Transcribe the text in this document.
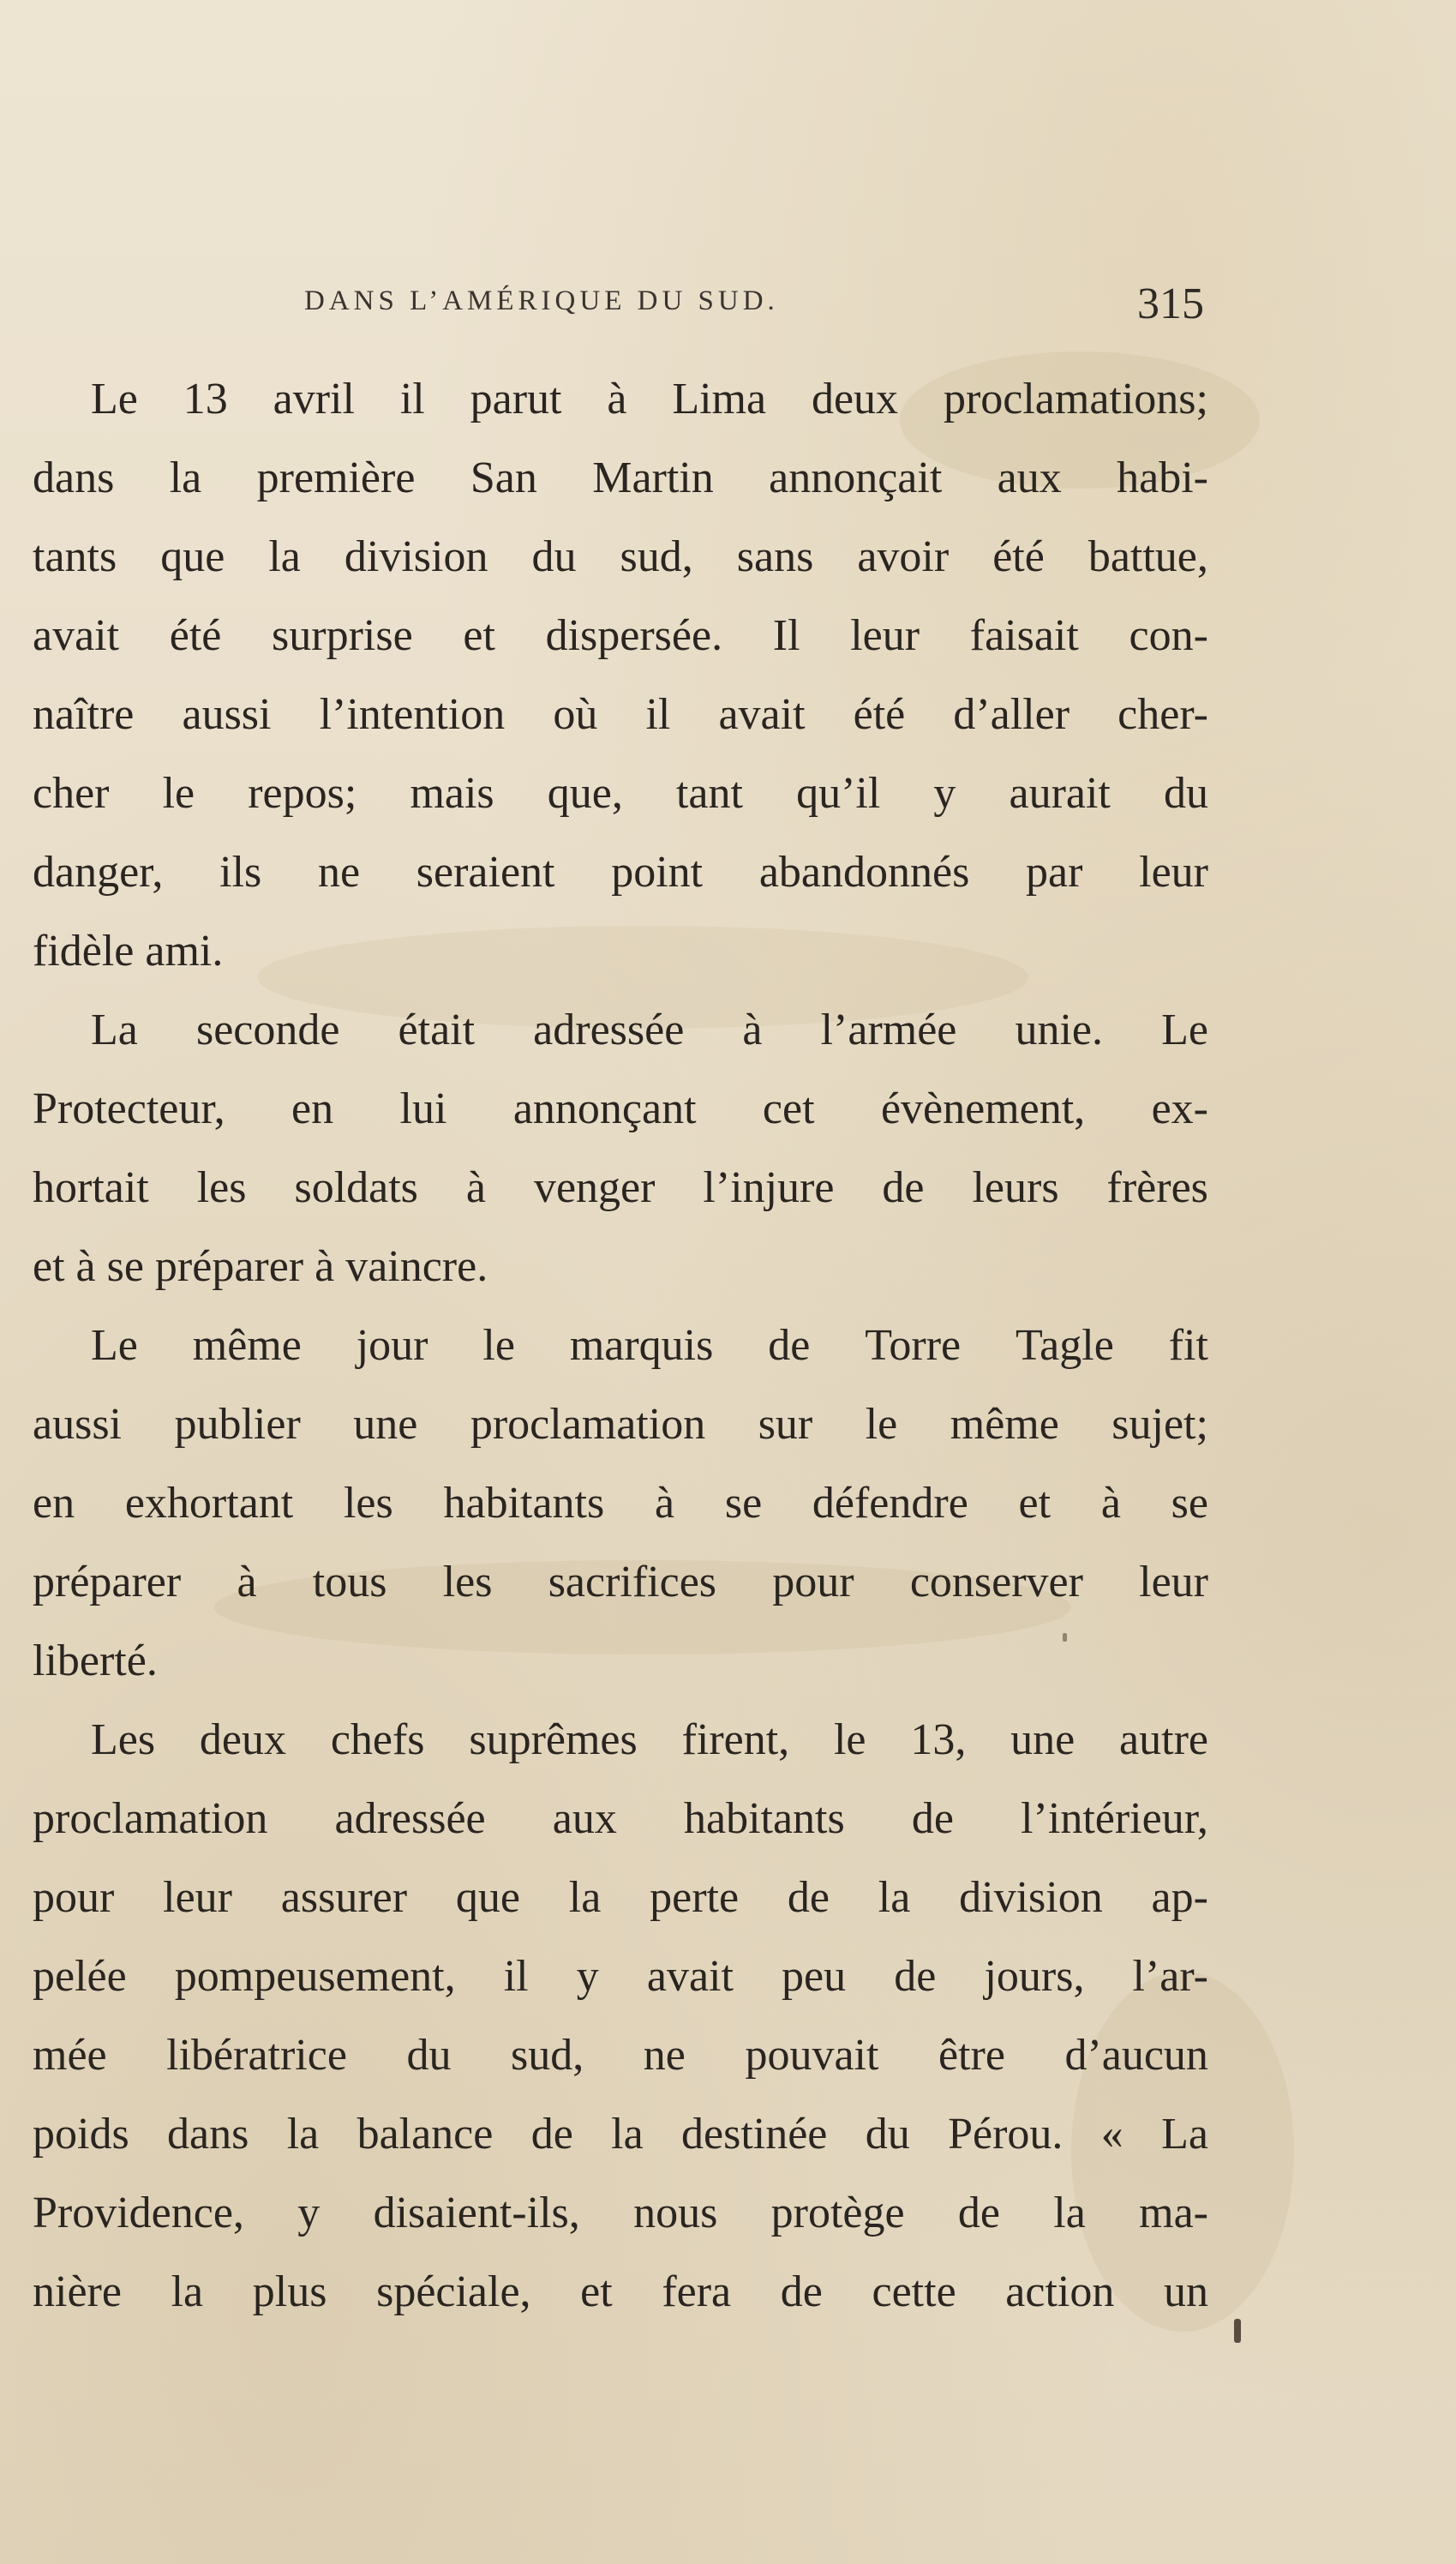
DANS L’AMÉRIQUE DU SUD.	315
Le 13 avril il parut à Lima deux proclamations;
dans la première San Martin annonçait aux habi-
tants que la division du sud, sans avoir été battue,
avait été surprise et dispersée. Il leur faisait con-
naître aussi l’intention où il avait été d’aller cher-
cher le repos; mais que, tant qu’il y aurait du
danger, ils ne seraient point abandonnés par leur
fidèle ami.
La seconde était adressée à l’armée unie. Le
Protecteur, en lui annonçant cet évènement, ex-
hortait les soldats à venger l’injure de leurs frères
et à se préparer à vaincre.
Le même jour le marquis de Torre Tagle fit
aussi publier une proclamation sur le même sujet;
en exhortant les habitants à se défendre et à se
préparer à tous les sacrifices pour conserver leur
liberté.
Les deux chefs suprêmes firent, le 13, une autre
proclamation adressée aux habitants de l’intérieur,
pour leur assurer que la perte de la division ap-
pelée pompeusement, il y avait peu de jours, l’ar-
mée libératrice du sud, ne pouvait être d’aucun
poids dans la balance de la destinée du Pérou. « La
Providence, y disaient-ils, nous protège de la ma-
nière la plus spéciale, et fera de cette action un
